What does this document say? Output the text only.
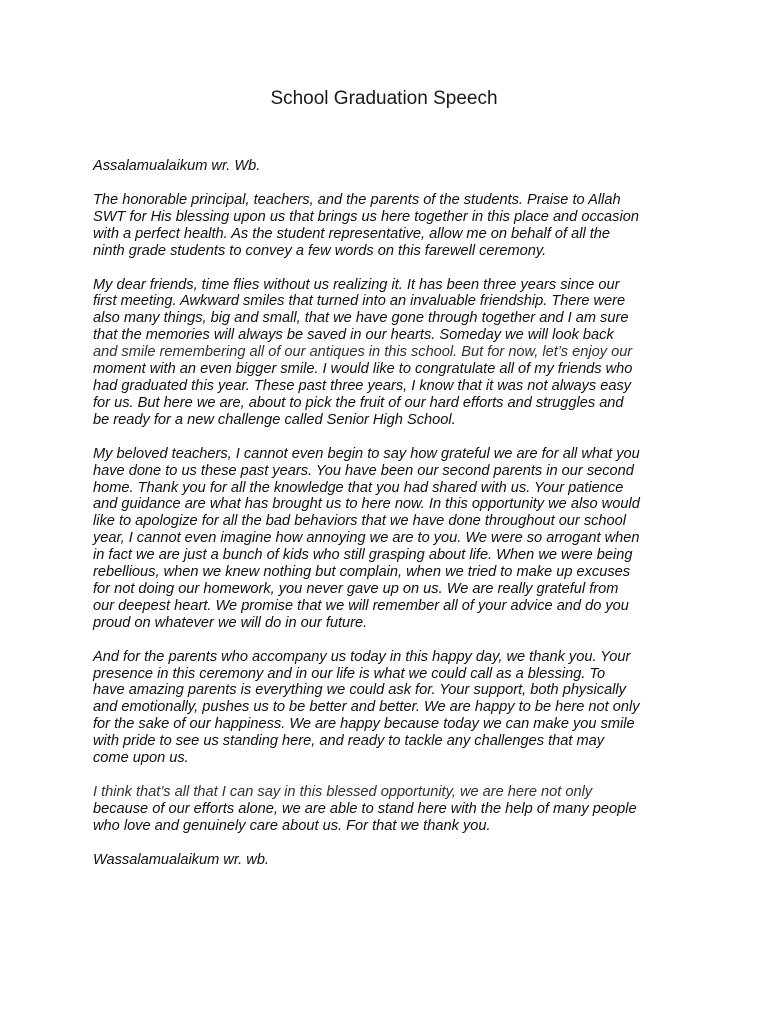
School Graduation Speech
Assalamualaikum wr. Wb.
The honorable principal, teachers, and the parents of the students. Praise to Allah
SWT for His blessing upon us that brings us here together in this place and occasion
with a perfect health. As the student representative, allow me on behalf of all the
ninth grade students to convey a few words on this farewell ceremony.
My dear friends, time flies without us realizing it. It has been three years since our
first meeting. Awkward smiles that turned into an invaluable friendship. There were
also many things, big and small, that we have gone through together and I am sure
that the memories will always be saved in our hearts. Someday we will look back
and smile remembering all of our antiques in this school. But for now, let’s enjoy our
moment with an even bigger smile. I would like to congratulate all of my friends who
had graduated this year. These past three years, I know that it was not always easy
for us. But here we are, about to pick the fruit of our hard efforts and struggles and
be ready for a new challenge called Senior High School.
My beloved teachers, I cannot even begin to say how grateful we are for all what you
have done to us these past years. You have been our second parents in our second
home. Thank you for all the knowledge that you had shared with us. Your patience
and guidance are what has brought us to here now. In this opportunity we also would
like to apologize for all the bad behaviors that we have done throughout our school
year, I cannot even imagine how annoying we are to you. We were so arrogant when
in fact we are just a bunch of kids who still grasping about life. When we were being
rebellious, when we knew nothing but complain, when we tried to make up excuses
for not doing our homework, you never gave up on us. We are really grateful from
our deepest heart. We promise that we will remember all of your advice and do you
proud on whatever we will do in our future.
And for the parents who accompany us today in this happy day, we thank you. Your
presence in this ceremony and in our life is what we could call as a blessing. To
have amazing parents is everything we could ask for. Your support, both physically
and emotionally, pushes us to be better and better. We are happy to be here not only
for the sake of our happiness. We are happy because today we can make you smile
with pride to see us standing here, and ready to tackle any challenges that may
come upon us.
I think that’s all that I can say in this blessed opportunity, we are here not only
because of our efforts alone, we are able to stand here with the help of many people
who love and genuinely care about us. For that we thank you.
Wassalamualaikum wr. wb.
